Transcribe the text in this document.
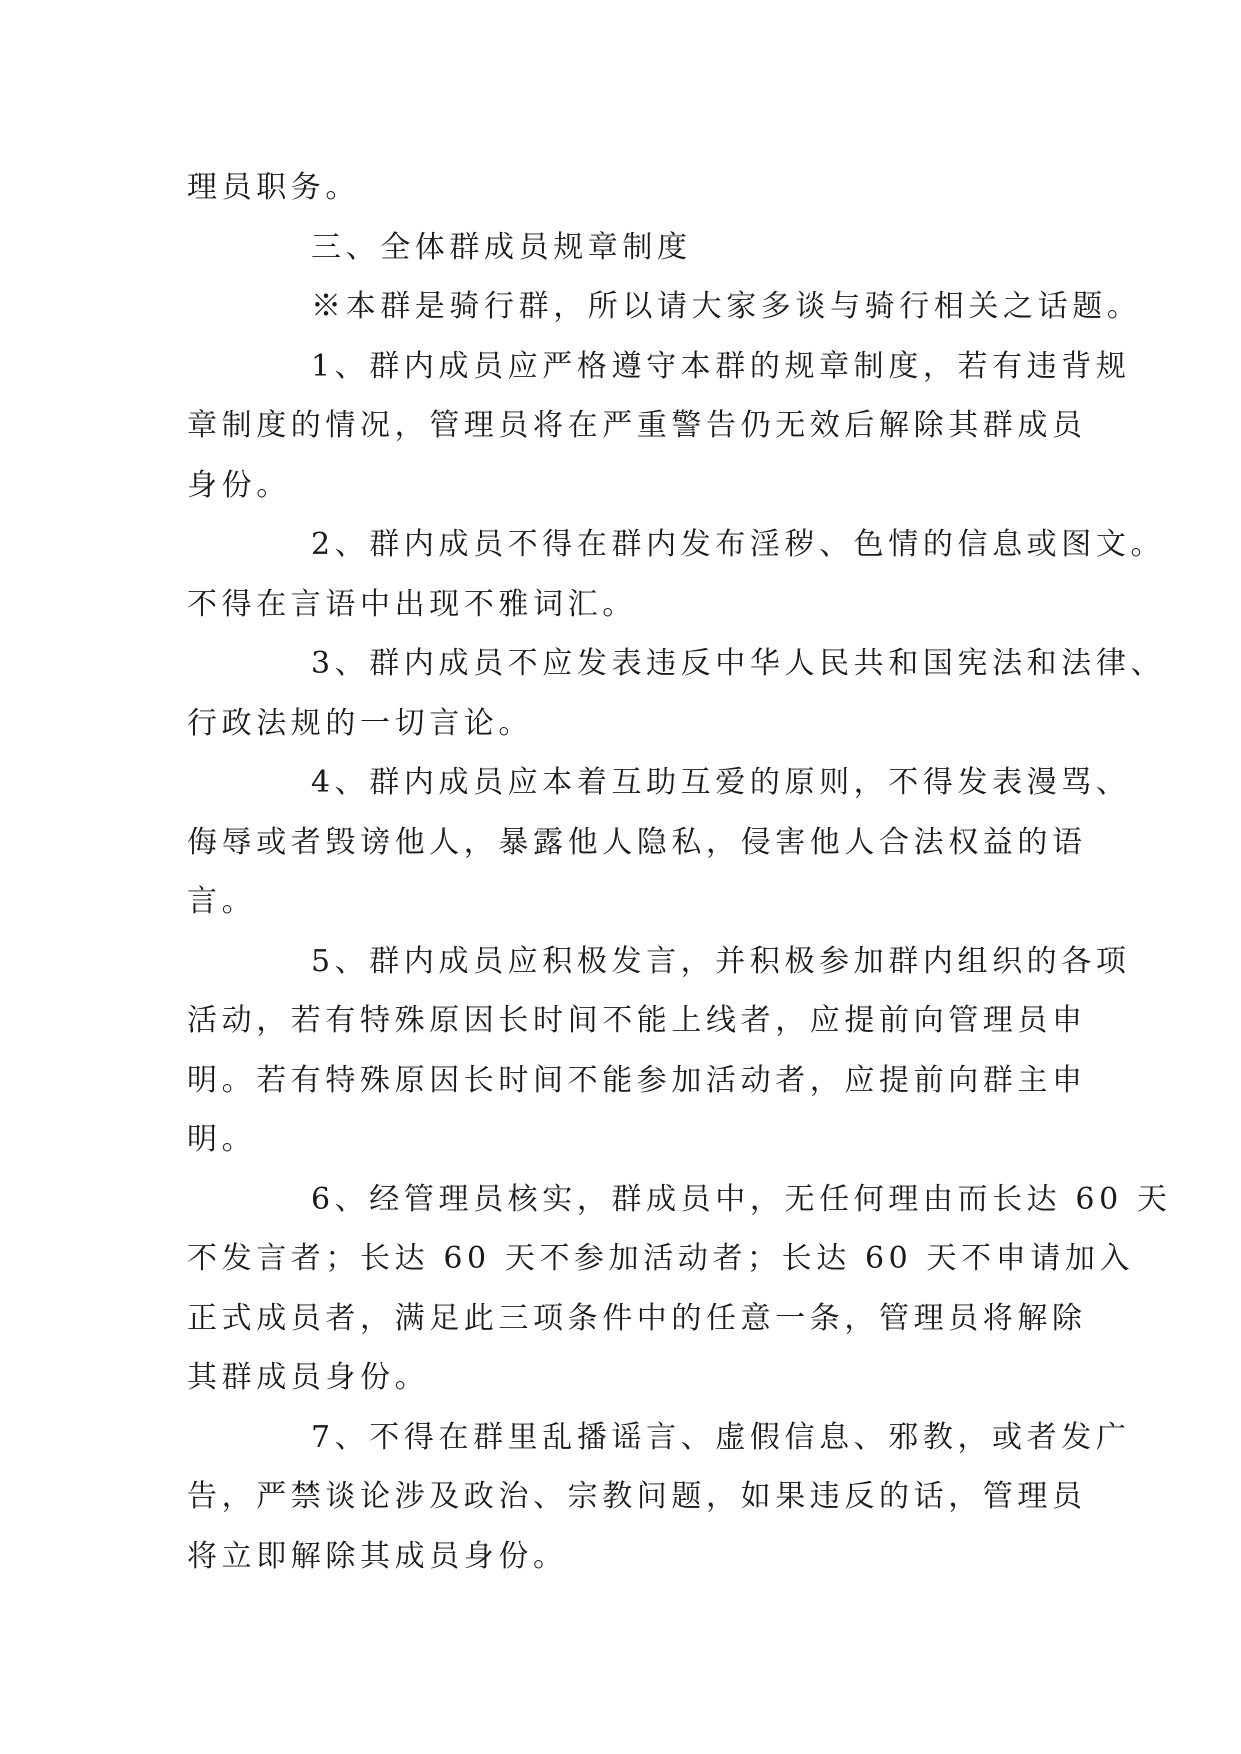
理员职务。
三、全体群成员规章制度
※本群是骑行群，所以请大家多谈与骑行相关之话题。
1、群内成员应严格遵守本群的规章制度，若有违背规
章制度的情况，管理员将在严重警告仍无效后解除其群成员
身份。
2、群内成员不得在群内发布淫秽、色情的信息或图文。
不得在言语中出现不雅词汇。
3、群内成员不应发表违反中华人民共和国宪法和法律、
行政法规的一切言论。
4、群内成员应本着互助互爱的原则，不得发表漫骂、
侮辱或者毁谤他人，暴露他人隐私，侵害他人合法权益的语
言。
5、群内成员应积极发言，并积极参加群内组织的各项
活动，若有特殊原因长时间不能上线者，应提前向管理员申
明。若有特殊原因长时间不能参加活动者，应提前向群主申
明。
6、经管理员核实，群成员中，无任何理由而长达 60 天
不发言者；长达 60 天不参加活动者；长达 60 天不申请加入
正式成员者，满足此三项条件中的任意一条，管理员将解除
其群成员身份。
7、不得在群里乱播谣言、虚假信息、邪教，或者发广
告，严禁谈论涉及政治、宗教问题，如果违反的话，管理员
将立即解除其成员身份。
